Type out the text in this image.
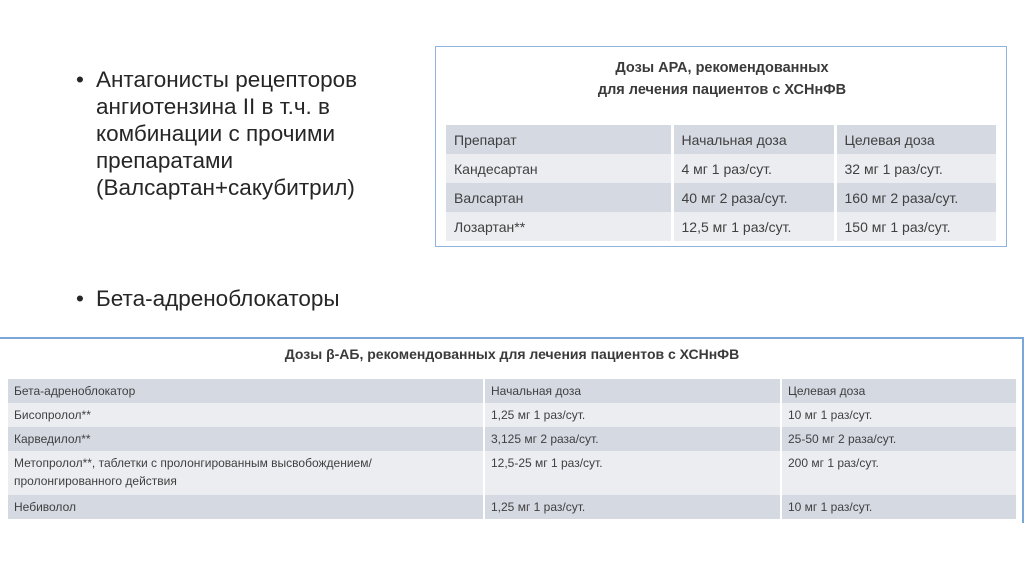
• Антагонисты рецепторов ангиотензина II в т.ч. в комбинации с прочими препаратами (Валсартан+сакубитрил)
• Бета-адреноблокаторы
Дозы АРА, рекомендованных
для лечения пациентов с ХСНнФВ
Препарат	Начальная доза	Целевая доза
Кандесартан	4 мг 1 раз/сут.	32 мг 1 раз/сут.
Валсартан	40 мг 2 раза/сут.	160 мг 2 раза/сут.
Лозартан**	12,5 мг 1 раз/сут.	150 мг 1 раз/сут.
Дозы β-АБ, рекомендованных для лечения пациентов с ХСНнФВ
Бета-адреноблокатор	Начальная доза	Целевая доза
Бисопролол**	1,25 мг 1 раз/сут.	10 мг 1 раз/сут.
Карведилол**	3,125 мг 2 раза/сут.	25-50 мг 2 раза/сут.
Метопролол**, таблетки с пролонгированным высвобождением/ пролонгированного действия	12,5-25 мг 1 раз/сут.	200 мг 1 раз/сут.
Небиволол	1,25 мг 1 раз/сут.	10 мг 1 раз/сут.
